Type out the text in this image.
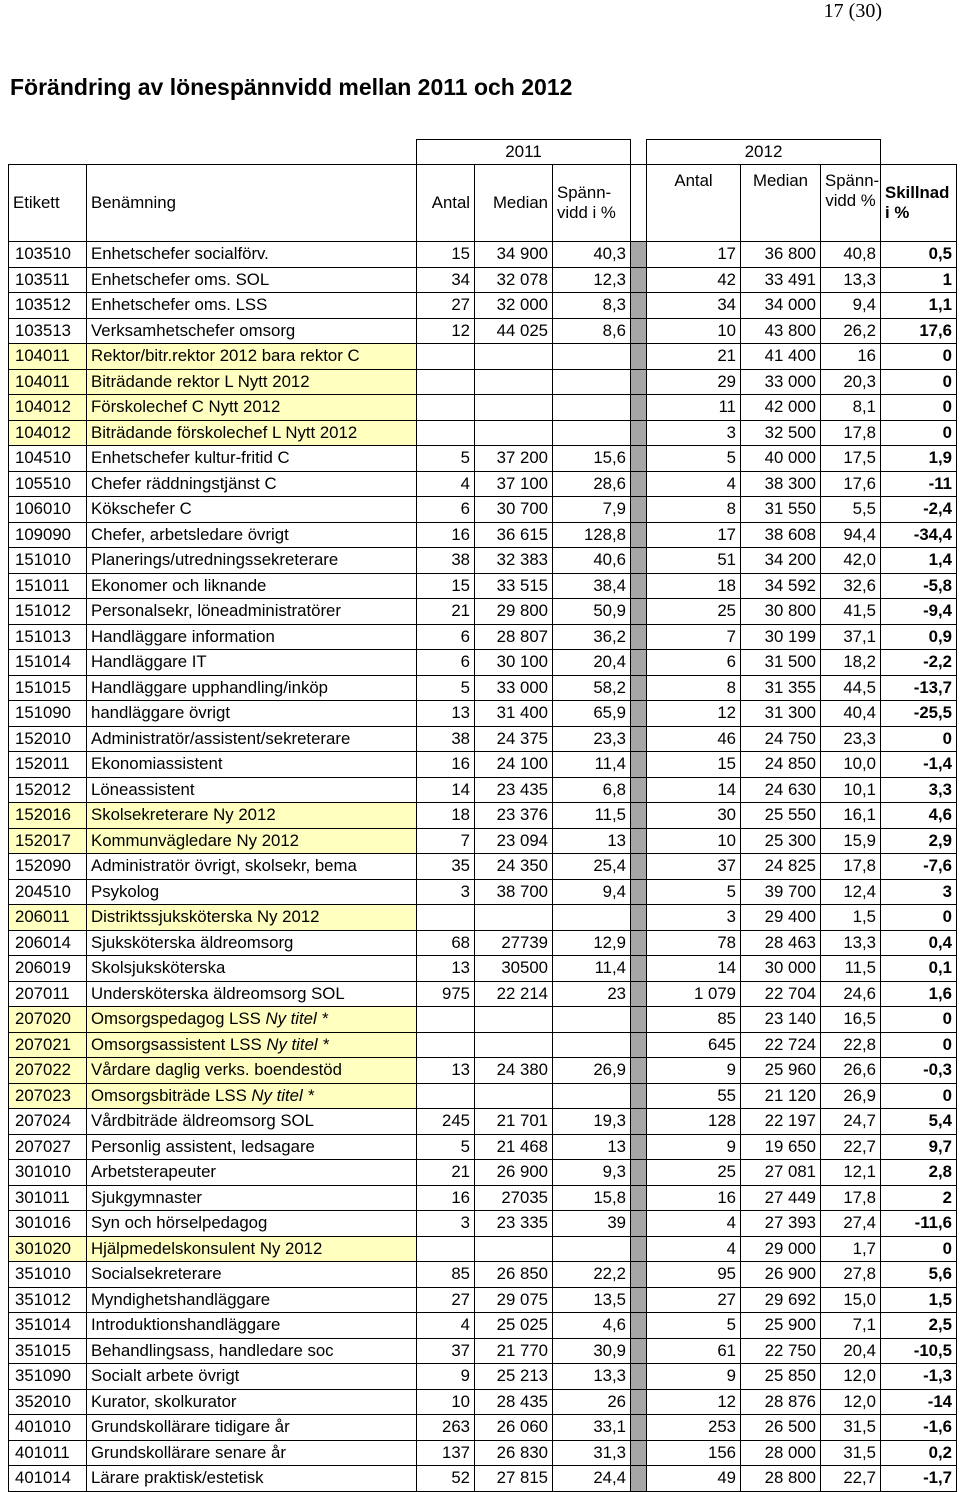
17 (30)
Förändring av lönespännvidd mellan 2011 och 2012
		2011				2012			
Etikett	Benämning	Antal	Median	Spänn-vidd i %		Antal	Median	Spänn-vidd %	Skillnad i %
103510	Enhetschefer socialförv.	15	34 900	40,3		17	36 800	40,8	0,5
103511	Enhetschefer oms. SOL	34	32 078	12,3		42	33 491	13,3	1
103512	Enhetschefer oms. LSS	27	32 000	8,3		34	34 000	9,4	1,1
103513	Verksamhetschefer omsorg	12	44 025	8,6		10	43 800	26,2	17,6
104011	Rektor/bitr.rektor 2012 bara rektor C					21	41 400	16	0
104011	Biträdande rektor L Nytt 2012					29	33 000	20,3	0
104012	Förskolechef C Nytt 2012					11	42 000	8,1	0
104012	Biträdande förskolechef L Nytt 2012					3	32 500	17,8	0
104510	Enhetschefer kultur-fritid C	5	37 200	15,6		5	40 000	17,5	1,9
105510	Chefer räddningstjänst C	4	37 100	28,6		4	38 300	17,6	-11
106010	Kökschefer C	6	30 700	7,9		8	31 550	5,5	-2,4
109090	Chefer, arbetsledare övrigt	16	36 615	128,8		17	38 608	94,4	-34,4
151010	Planerings/utredningssekreterare	38	32 383	40,6		51	34 200	42,0	1,4
151011	Ekonomer och liknande	15	33 515	38,4		18	34 592	32,6	-5,8
151012	Personalsekr, löneadministratörer	21	29 800	50,9		25	30 800	41,5	-9,4
151013	Handläggare information	6	28 807	36,2		7	30 199	37,1	0,9
151014	Handläggare IT	6	30 100	20,4		6	31 500	18,2	-2,2
151015	Handläggare upphandling/inköp	5	33 000	58,2		8	31 355	44,5	-13,7
151090	handläggare övrigt	13	31 400	65,9		12	31 300	40,4	-25,5
152010	Administratör/assistent/sekreterare	38	24 375	23,3		46	24 750	23,3	0
152011	Ekonomiassistent	16	24 100	11,4		15	24 850	10,0	-1,4
152012	Löneassistent	14	23 435	6,8		14	24 630	10,1	3,3
152016	Skolsekreterare Ny 2012	18	23 376	11,5		30	25 550	16,1	4,6
152017	Kommunvägledare Ny 2012	7	23 094	13		10	25 300	15,9	2,9
152090	Administratör övrigt, skolsekr, bema	35	24 350	25,4		37	24 825	17,8	-7,6
204510	Psykolog	3	38 700	9,4		5	39 700	12,4	3
206011	Distriktssjuksköterska Ny 2012					3	29 400	1,5	0
206014	Sjuksköterska äldreomsorg	68	27739	12,9		78	28 463	13,3	0,4
206019	Skolsjuksköterska	13	30500	11,4		14	30 000	11,5	0,1
207011	Undersköterska äldreomsorg SOL	975	22 214	23		1 079	22 704	24,6	1,6
207020	Omsorgspedagog LSS Ny titel *					85	23 140	16,5	0
207021	Omsorgsassistent LSS Ny titel *					645	22 724	22,8	0
207022	Vårdare daglig verks. boendestöd	13	24 380	26,9		9	25 960	26,6	-0,3
207023	Omsorgsbiträde LSS Ny titel *					55	21 120	26,9	0
207024	Vårdbiträde äldreomsorg SOL	245	21 701	19,3		128	22 197	24,7	5,4
207027	Personlig assistent, ledsagare	5	21 468	13		9	19 650	22,7	9,7
301010	Arbetsterapeuter	21	26 900	9,3		25	27 081	12,1	2,8
301011	Sjukgymnaster	16	27035	15,8		16	27 449	17,8	2
301016	Syn och hörselpedagog	3	23 335	39		4	27 393	27,4	-11,6
301020	Hjälpmedelskonsulent Ny 2012					4	29 000	1,7	0
351010	Socialsekreterare	85	26 850	22,2		95	26 900	27,8	5,6
351012	Myndighetshandläggare	27	29 075	13,5		27	29 692	15,0	1,5
351014	Introduktionshandläggare	4	25 025	4,6		5	25 900	7,1	2,5
351015	Behandlingsass, handledare soc	37	21 770	30,9		61	22 750	20,4	-10,5
351090	Socialt arbete övrigt	9	25 213	13,3		9	25 850	12,0	-1,3
352010	Kurator, skolkurator	10	28 435	26		12	28 876	12,0	-14
401010	Grundskollärare tidigare år	263	26 060	33,1		253	26 500	31,5	-1,6
401011	Grundskollärare senare år	137	26 830	31,3		156	28 000	31,5	0,2
401014	Lärare praktisk/estetisk	52	27 815	24,4		49	28 800	22,7	-1,7
